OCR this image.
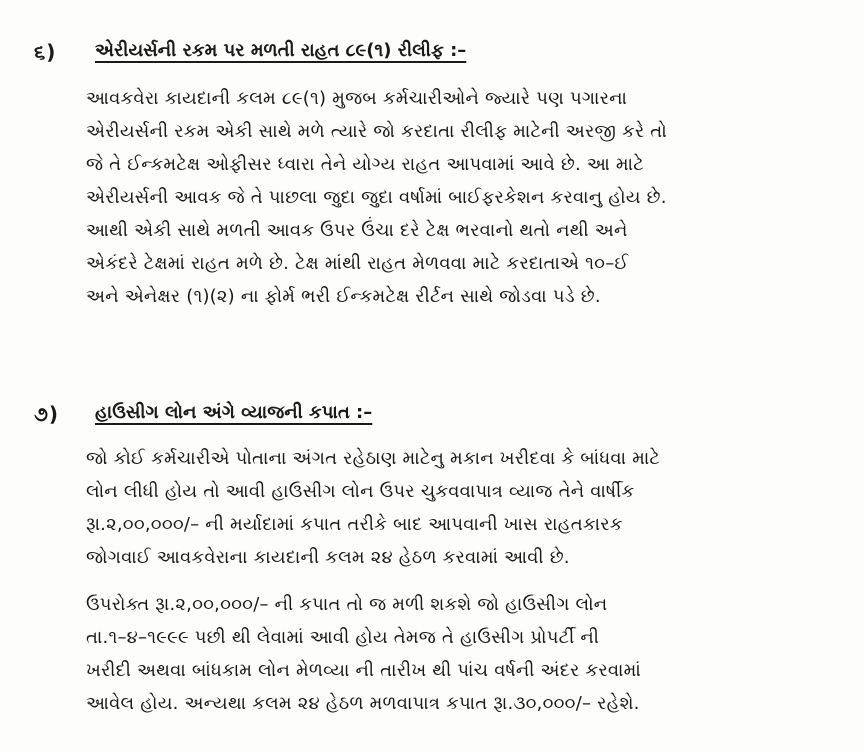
૬) એરીયર્સની રકમ પર મળતી રાહત ૮૯(૧) રીલીફ :–
આવકવેરા કાયદાની કલમ ૮૯(૧) મુજબ કર્મચારીઓને જ્યારે પણ પગારના
એરીયર્સની રકમ એકી સાથે મળે ત્યારે જો કરદાતા રીલીફ માટેની અરજી કરે તો
જે તે ઈન્કમટેક્ષ ઓફીસર ધ્વારા તેને યોગ્ય રાહત આપવામાં આવે છે. આ માટે
એરીયર્સની આવક જે તે પાછલા જુદા જુદા વર્ષામાં બાઈફરકેશન કરવાનુ હોય છે.
આથી એકી સાથે મળતી આવક ઉપર ઉંચા દરે ટેક્ષ ભરવાનો થતો નથી અને
એકંદરે ટેક્ષમાં રાહત મળે છે. ટેક્ષ માંથી રાહત મેળવવા માટે કરદાતાએ ૧૦–ઈ
અને એનેક્ષર (૧)(૨) ના ફોર્મ ભરી ઈન્કમટેક્ષ રીર્ટન સાથે જોડવા પડે છે.
૭) હાઉસીગ લોન અંગે વ્યાજની કપાત :–
જો કોઈ કર્મચારીએ પોતાના અંગત રહેઠાણ માટેનુ મકાન ખરીદવા કે બાંધવા માટે
લોન લીધી હોય તો આવી હાઉસીગ લોન ઉપર ચુકવવાપાત્ર વ્યાજ તેને વાર્ષીક
રૂા.૨,૦૦,૦૦૦/– ની મર્યાદામાં કપાત તરીકે બાદ આપવાની ખાસ રાહતકારક
જોગવાઈ આવકવેરાના કાયદાની કલમ ૨૪ હેઠળ કરવામાં આવી છે.
ઉપરોક્ત રૂા.૨,૦૦,૦૦૦/– ની કપાત તો જ મળી શકશે જો હાઉસીગ લોન
તા.૧–૪–૧૯૯૯ પછી થી લેવામાં આવી હોય તેમજ તે હાઉસીગ પ્રોપર્ટી ની
ખરીદી અથવા બાંધકામ લોન મેળવ્યા ની તારીખ થી પાંચ વર્ષની અંદર કરવામાં
આવેલ હોય. અન્યથા કલમ ૨૪ હેઠળ મળવાપાત્ર કપાત રૂા.૩૦,૦૦૦/– રહેશે.
